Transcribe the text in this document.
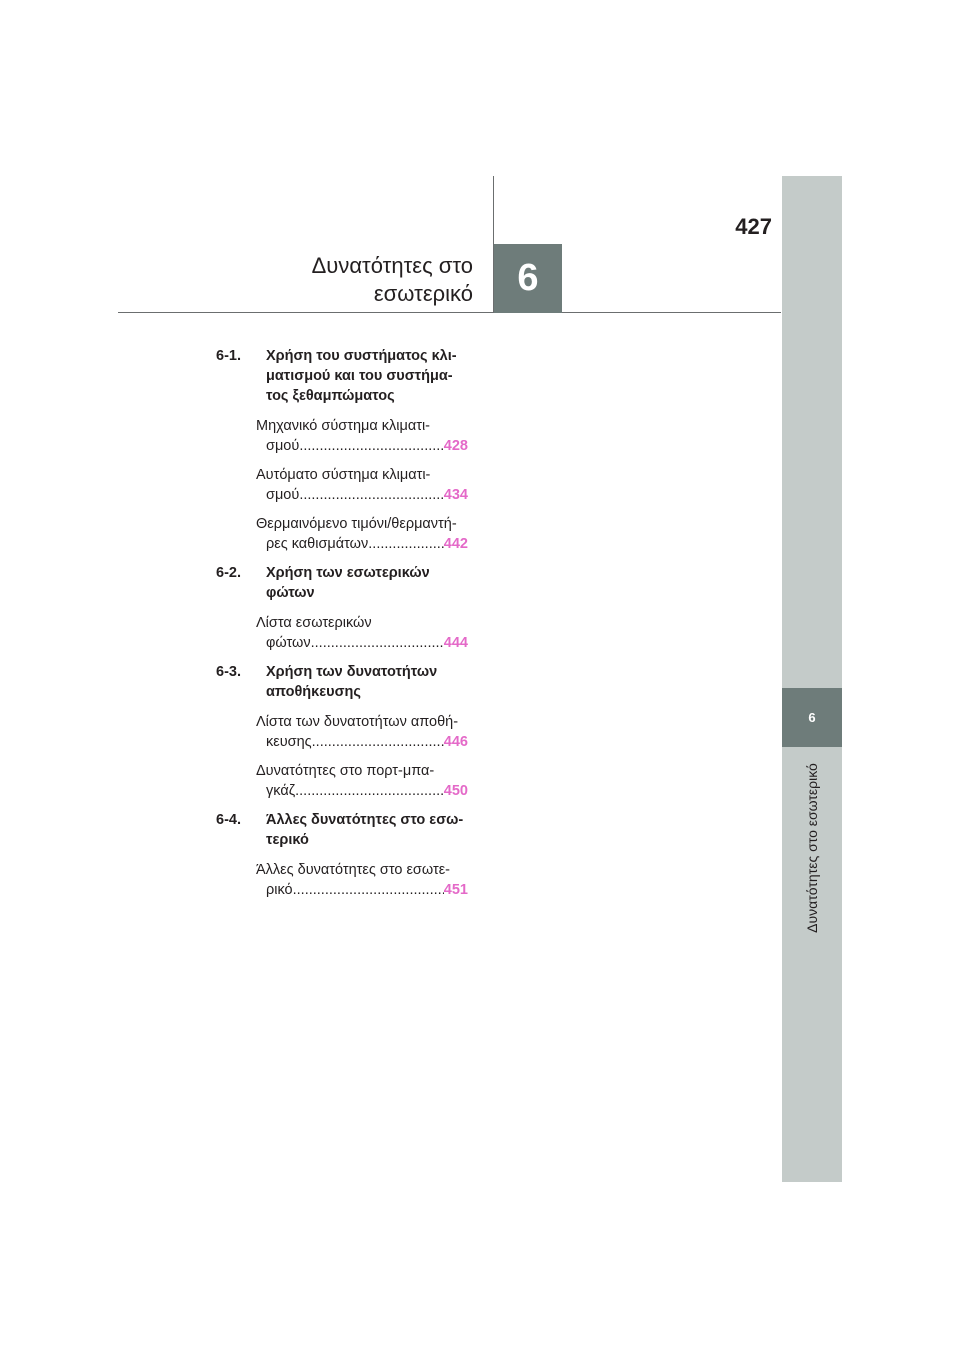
427
Δυνατότητες στο
εσωτερικό 6
6
Δυνατότητες στο εσωτερικό
6-1.	Χρήση του συστήματος κλι-ματισμού και του συστήμα-τος ξεθαμπώματος
Μηχανικό σύστημα κλιματι-
σμού .....	428
Αυτόματο σύστημα κλιματι-
σμού .....	434
Θερμαινόμενο τιμόνι/θερμαντή-
ρες καθισμάτων .....	442
6-2.	Χρήση των εσωτερικών φώτων
Λίστα εσωτερικών
φώτων .....	444
6-3.	Χρήση των δυνατοτήτων αποθήκευσης
Λίστα των δυνατοτήτων αποθή-
κευσης .....	446
Δυνατότητες στο πορτ-μπα-
γκάζ .....	450
6-4.	Άλλες δυνατότητες στο εσω-τερικό
Άλλες δυνατότητες στο εσωτε-
ρικό .....	451
